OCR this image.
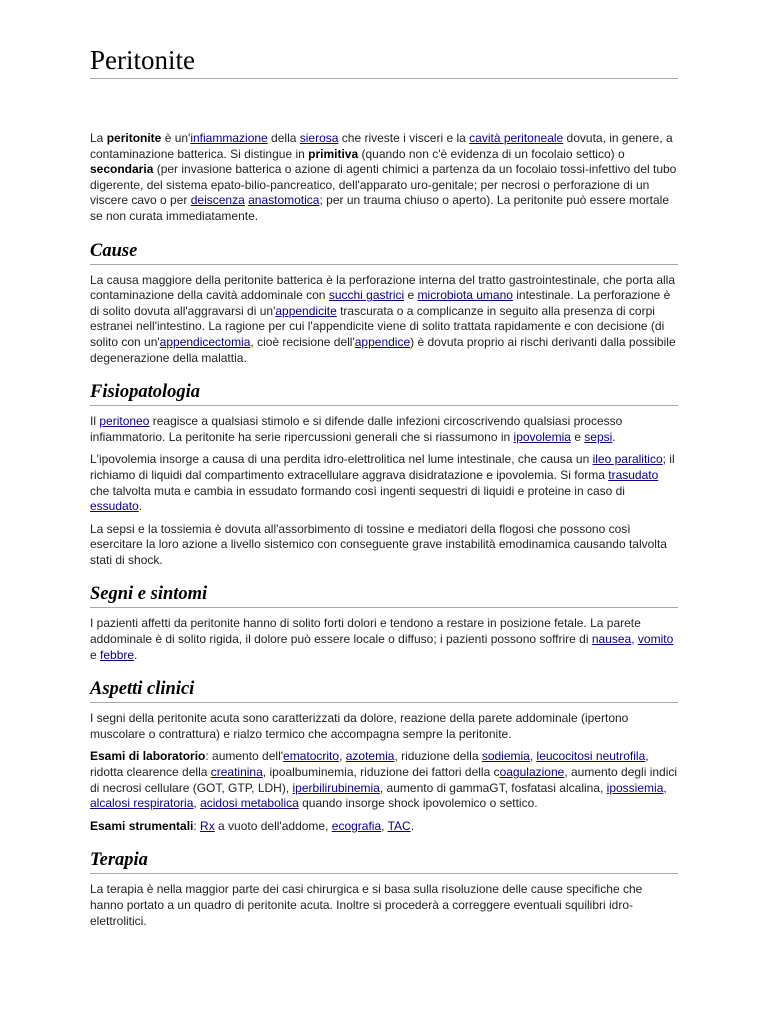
Peritonite

La peritonite è un'infiammazione della sierosa che riveste i visceri e la cavità peritoneale dovuta, in genere, a contaminazione batterica. Si distingue in primitiva (quando non c'è evidenza di un focolaio settico) o secondaria (per invasione batterica o azione di agenti chimici a partenza da un focolaio tossi-infettivo del tubo digerente, del sistema epato-bilio-pancreatico, dell'apparato uro-genitale; per necrosi o perforazione di un viscere cavo o per deiscenza anastomotica; per un trauma chiuso o aperto). La peritonite può essere mortale se non curata immediatamente.

Cause

La causa maggiore della peritonite batterica è la perforazione interna del tratto gastrointestinale, che porta alla contaminazione della cavità addominale con succhi gastrici e microbiota umano intestinale. La perforazione è di solito dovuta all'aggravarsi di un'appendicite trascurata o a complicanze in seguito alla presenza di corpi estranei nell'intestino. La ragione per cui l'appendicite viene di solito trattata rapidamente e con decisione (di solito con un'appendicectomia, cioè recisione dell'appendice) è dovuta proprio ai rischi derivanti dalla possibile degenerazione della malattia.

Fisiopatologia

Il peritoneo reagisce a qualsiasi stimolo e si difende dalle infezioni circoscrivendo qualsiasi processo infiammatorio. La peritonite ha serie ripercussioni generali che si riassumono in ipovolemia e sepsi.

L'ipovolemia insorge a causa di una perdita idro-elettrolitica nel lume intestinale, che causa un ileo paralitico; il richiamo di liquidi dal compartimento extracellulare aggrava disidratazione e ipovolemia. Si forma trasudato che talvolta muta e cambia in essudato formando così ingenti sequestri di liquidi e proteine in caso di essudato.

La sepsi e la tossiemia è dovuta all'assorbimento di tossine e mediatori della flogosi che possono così esercitare la loro azione a livello sistemico con conseguente grave instabilità emodinamica causando talvolta stati di shock.

Segni e sintomi

I pazienti affetti da peritonite hanno di solito forti dolori e tendono a restare in posizione fetale. La parete addominale è di solito rigida, il dolore può essere locale o diffuso; i pazienti possono soffrire di nausea, vomito e febbre.

Aspetti clinici

I segni della peritonite acuta sono caratterizzati da dolore, reazione della parete addominale (ipertono muscolare o contrattura) e rialzo termico che accompagna sempre la peritonite.

Esami di laboratorio: aumento dell'ematocrito, azotemia, riduzione della sodiemia, leucocitosi neutrofila, ridotta clearence della creatinina, ipoalbuminemia, riduzione dei fattori della coagulazione, aumento degli indici di necrosi cellulare (GOT, GTP, LDH), iperbilirubinemia, aumento di gammaGT, fosfatasi alcalina, ipossiemia, alcalosi respiratoria, acidosi metabolica quando insorge shock ipovolemico o settico.

Esami strumentali: Rx a vuoto dell'addome, ecografia, TAC.

Terapia

La terapia è nella maggior parte dei casi chirurgica e si basa sulla risoluzione delle cause specifiche che hanno portato a un quadro di peritonite acuta. Inoltre si procederà a correggere eventuali squilibri idro-elettrolitici.
